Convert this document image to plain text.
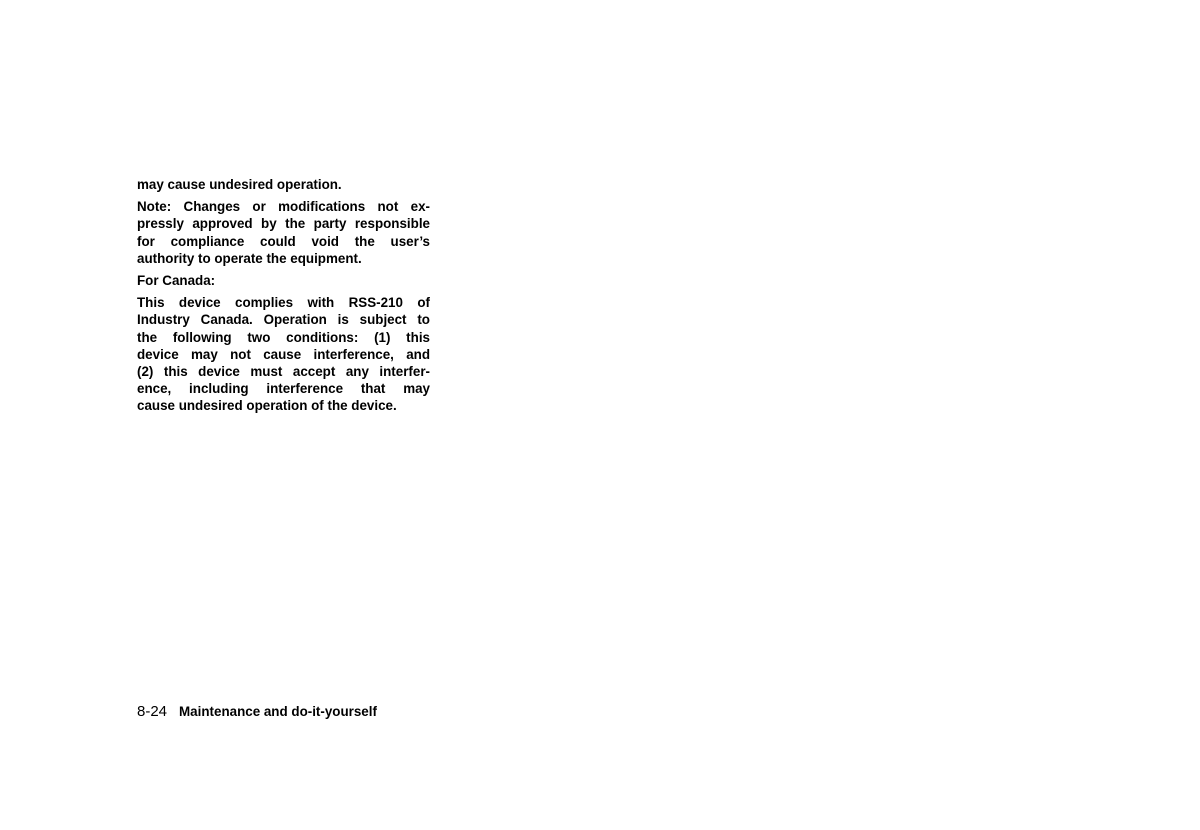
may cause undesired operation.

Note: Changes or modifications not ex-
pressly approved by the party responsible
for compliance could void the user’s
authority to operate the equipment.

For Canada:

This device complies with RSS-210 of
Industry Canada. Operation is subject to
the following two conditions: (1) this
device may not cause interference, and
(2) this device must accept any interfer-
ence, including interference that may
cause undesired operation of the device.

8-24 Maintenance and do-it-yourself
